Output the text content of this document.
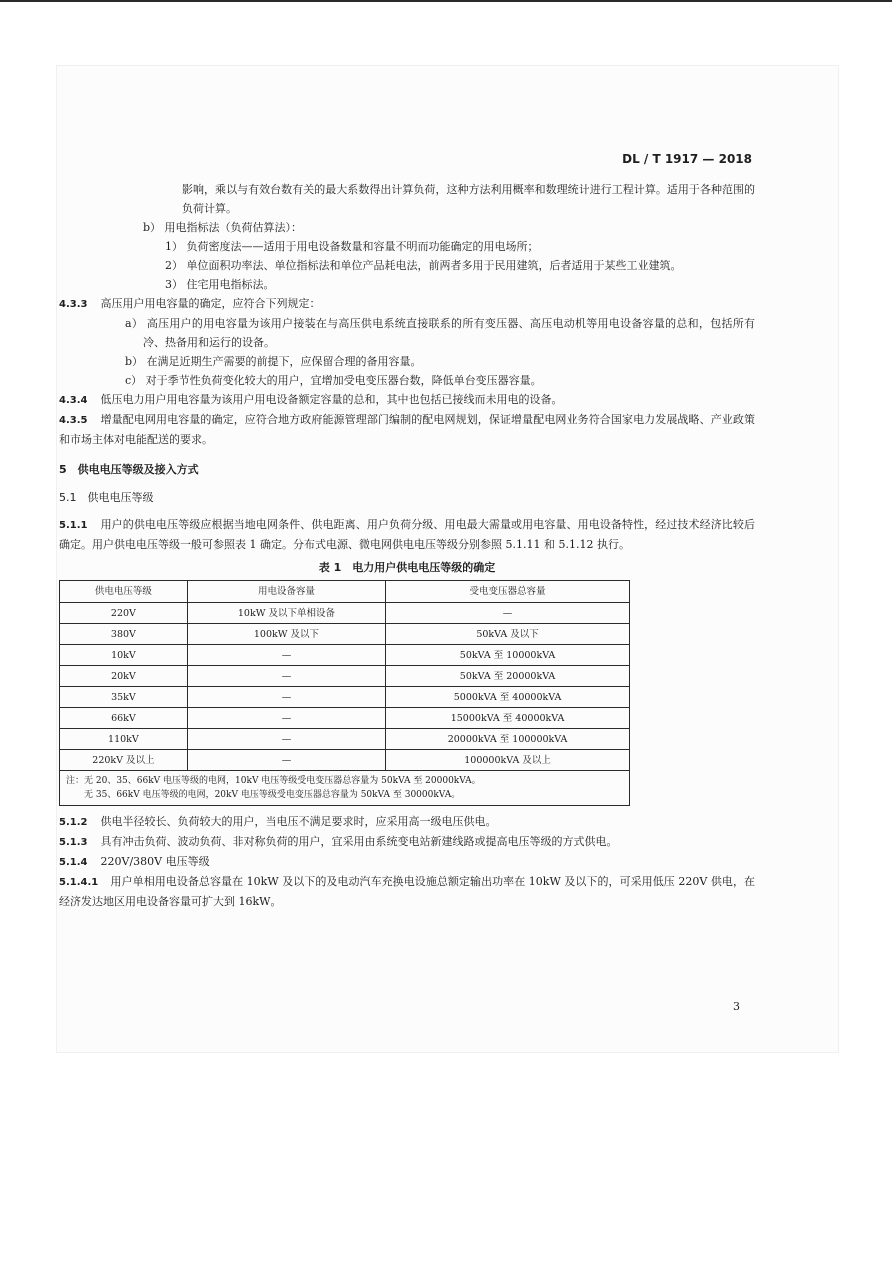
DL / T 1917 — 2018

影响，乘以与有效台数有关的最大系数得出计算负荷，这种方法利用概率和数理统计进行工程计算。适用于各种范围的负荷计算。

b） 用电指标法（负荷估算法）：

1） 负荷密度法——适用于用电设备数量和容量不明而功能确定的用电场所；

2） 单位面积功率法、单位指标法和单位产品耗电法，前两者多用于民用建筑，后者适用于某些工业建筑。

3） 住宅用电指标法。

4.3.3 高压用户用电容量的确定，应符合下列规定：

a） 高压用户的用电容量为该用户接装在与高压供电系统直接联系的所有变压器、高压电动机等用电设备容量的总和，包括所有冷、热备用和运行的设备。

b） 在满足近期生产需要的前提下，应保留合理的备用容量。

c） 对于季节性负荷变化较大的用户，宜增加受电变压器台数，降低单台变压器容量。

4.3.4 低压电力用户用电容量为该用户用电设备额定容量的总和，其中也包括已接线而未用电的设备。

4.3.5 增量配电网用电容量的确定，应符合地方政府能源管理部门编制的配电网规划，保证增量配电网业务符合国家电力发展战略、产业政策和市场主体对电能配送的要求。

5　供电电压等级及接入方式

5.1　供电电压等级

5.1.1 用户的供电电压等级应根据当地电网条件、供电距离、用户负荷分级、用电最大需量或用电容量、用电设备特性，经过技术经济比较后确定。用户供电电压等级一般可参照表 1 确定。分布式电源、微电网供电电压等级分别参照 5.1.11 和 5.1.12 执行。

表 1　电力用户供电电压等级的确定

供电电压等级	用电设备容量	受电变压器总容量
220V	10kW 及以下单相设备	—
380V	100kW 及以下	50kVA 及以下
10kV	—	50kVA 至 10000kVA
20kV	—	50kVA 至 20000kVA
35kV	—	5000kVA 至 40000kVA
66kV	—	15000kVA 至 40000kVA
110kV	—	20000kVA 至 100000kVA
220kV 及以上	—	100000kVA 及以上

注：无 20、35、66kV 电压等级的电网，10kV 电压等级受电变压器总容量为 50kVA 至 20000kVA。
无 35、66kV 电压等级的电网，20kV 电压等级受电变压器总容量为 50kVA 至 30000kVA。		

5.1.2 供电半径较长、负荷较大的用户，当电压不满足要求时，应采用高一级电压供电。

5.1.3 具有冲击负荷、波动负荷、非对称负荷的用户，宜采用由系统变电站新建线路或提高电压等级的方式供电。

5.1.4 220V/380V 电压等级

5.1.4.1 用户单相用电设备总容量在 10kW 及以下的及电动汽车充换电设施总额定输出功率在 10kW 及以下的，可采用低压 220V 供电，在经济发达地区用电设备容量可扩大到 16kW。

3
